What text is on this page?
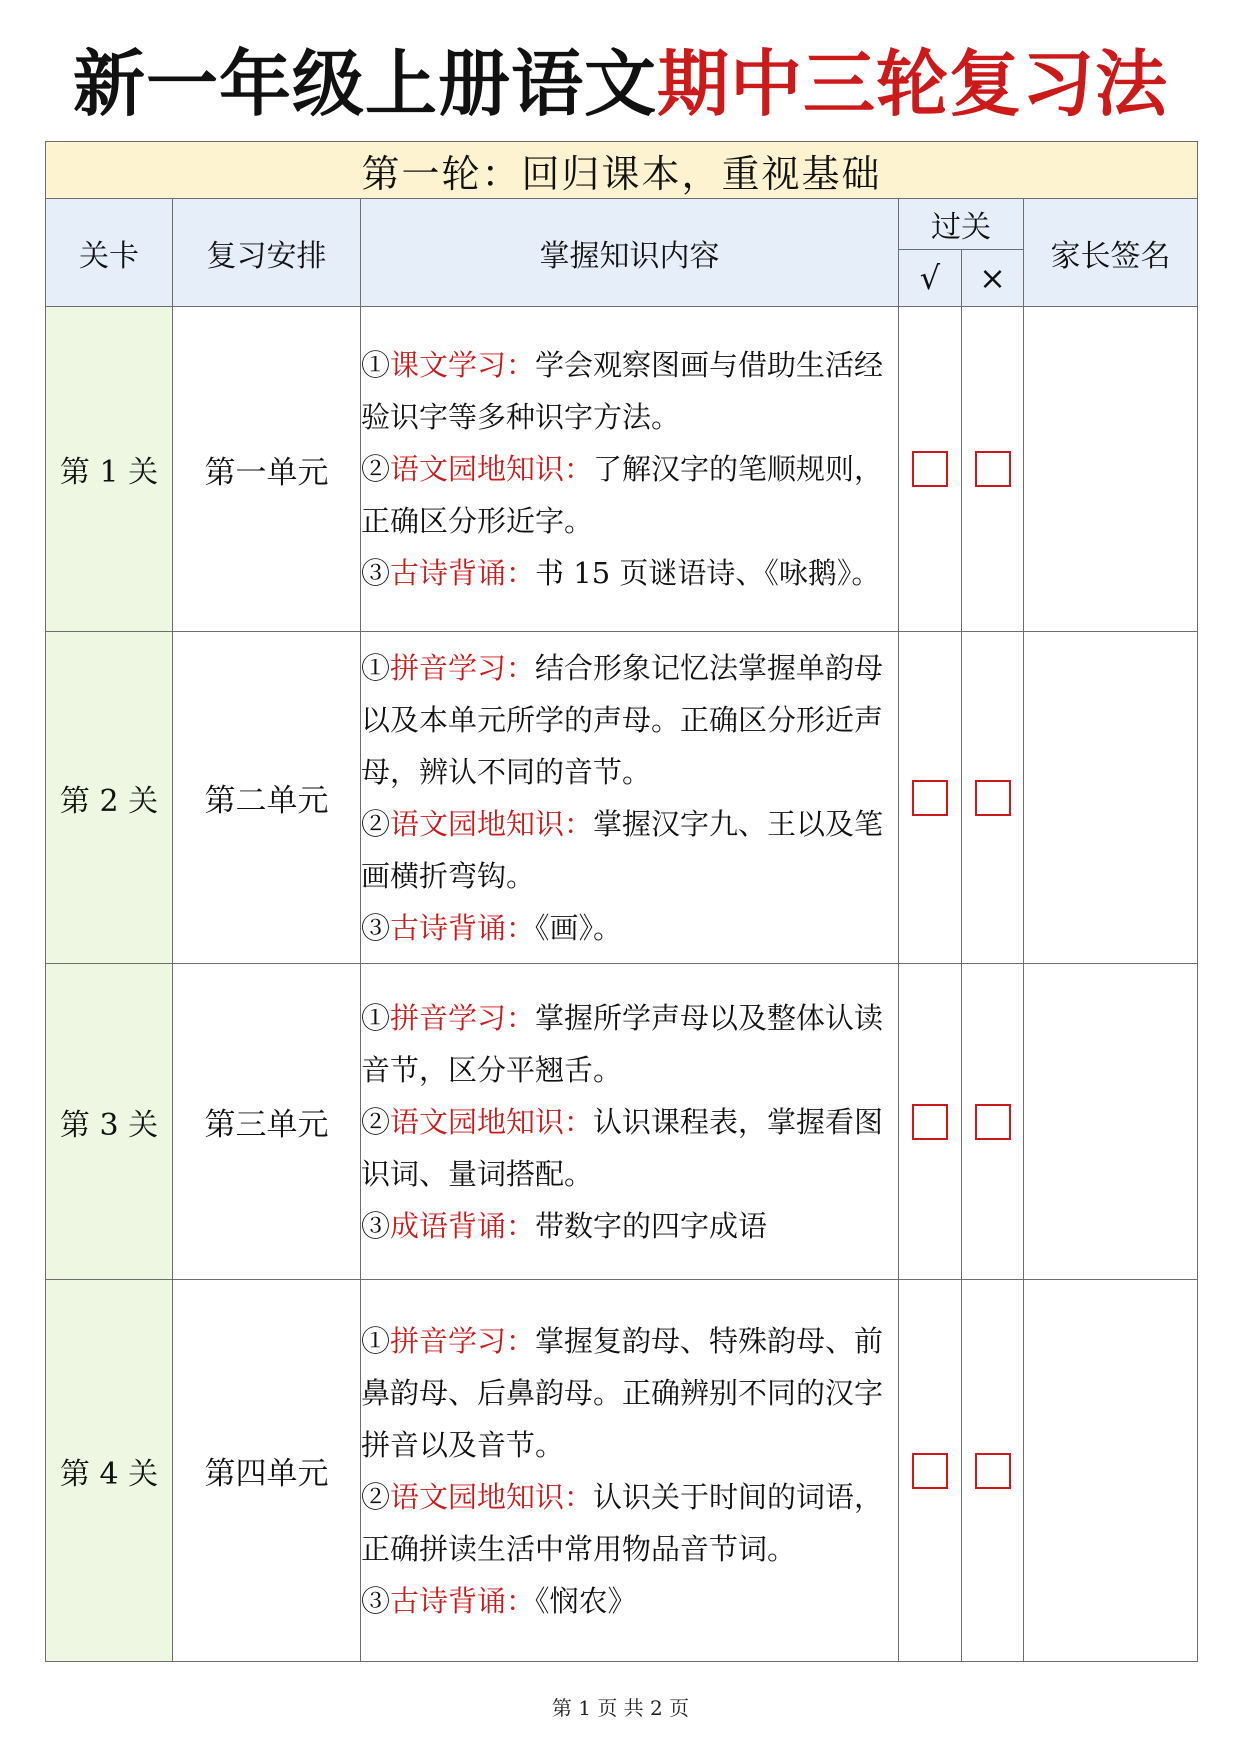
新一年级上册语文期中三轮复习法
第一轮：回归课本，重视基础					
关卡	复习安排	掌握知识内容	过关		家长签名
			√	×	
第 1 关	第一单元	①课文学习：学会观察图画与借助生活经验识字等多种识字方法。
②语文园地知识：了解汉字的笔顺规则，正确区分形近字。
③古诗背诵：书 15 页谜语诗、《咏鹅》。			

第 2 关	第二单元	①拼音学习：结合形象记忆法掌握单韵母以及本单元所学的声母。正确区分形近声母，辨认不同的音节。
②语文园地知识：掌握汉字九、王以及笔画横折弯钩。
③古诗背诵：《画》。			

第 3 关	第三单元	①拼音学习：掌握所学声母以及整体认读音节，区分平翘舌。
②语文园地知识：认识课程表，掌握看图识词、量词搭配。
③成语背诵：带数字的四字成语			

第 4 关	第四单元	①拼音学习：掌握复韵母、特殊韵母、前鼻韵母、后鼻韵母。正确辨别不同的汉字拼音以及音节。
②语文园地知识：认识关于时间的词语，正确拼读生活中常用物品音节词。
③古诗背诵：《悯农》			

第 1 页 共 2 页
